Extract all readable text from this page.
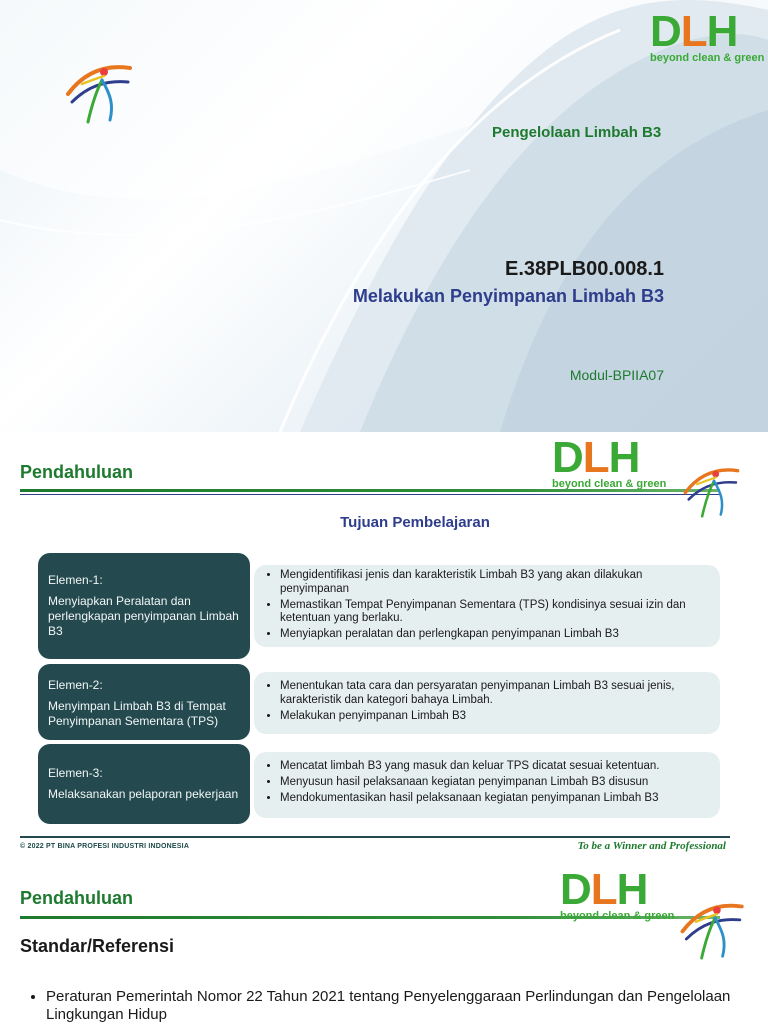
DLH
beyond clean & green
Pengelolaan Limbah B3
E.38PLB00.008.1
Melakukan Penyimpanan Limbah B3
Modul-BPIIA07
Pendahuluan	DLH
beyond clean & green
Tujuan Pembelajaran
Elemen-1:
Menyiapkan Peralatan dan perlengkapan penyimpanan Limbah B3
• Mengidentifikasi jenis dan karakteristik Limbah B3 yang akan dilakukan penyimpanan
• Memastikan Tempat Penyimpanan Sementara (TPS) kondisinya sesuai izin dan ketentuan yang berlaku.
• Menyiapkan peralatan dan perlengkapan penyimpanan Limbah B3
Elemen-2:
Menyimpan Limbah B3 di Tempat Penyimpanan Sementara (TPS)
• Menentukan tata cara dan persyaratan penyimpanan Limbah B3 sesuai jenis, karakteristik dan kategori bahaya Limbah.
• Melakukan penyimpanan Limbah B3
Elemen-3:
Melaksanakan pelaporan pekerjaan
• Mencatat limbah B3 yang masuk dan keluar TPS dicatat sesuai ketentuan.
• Menyusun hasil pelaksanaan kegiatan penyimpanan Limbah B3 disusun
• Mendokumentasikan hasil pelaksanaan kegiatan penyimpanan Limbah B3
© 2022 PT BINA PROFESI INDUSTRI INDONESIA	To be a Winner and Professional
Pendahuluan	DLH
beyond clean & green
Standar/Referensi
• Peraturan Pemerintah Nomor 22 Tahun 2021 tentang Penyelenggaraan Perlindungan dan Pengelolaan Lingkungan Hidup
